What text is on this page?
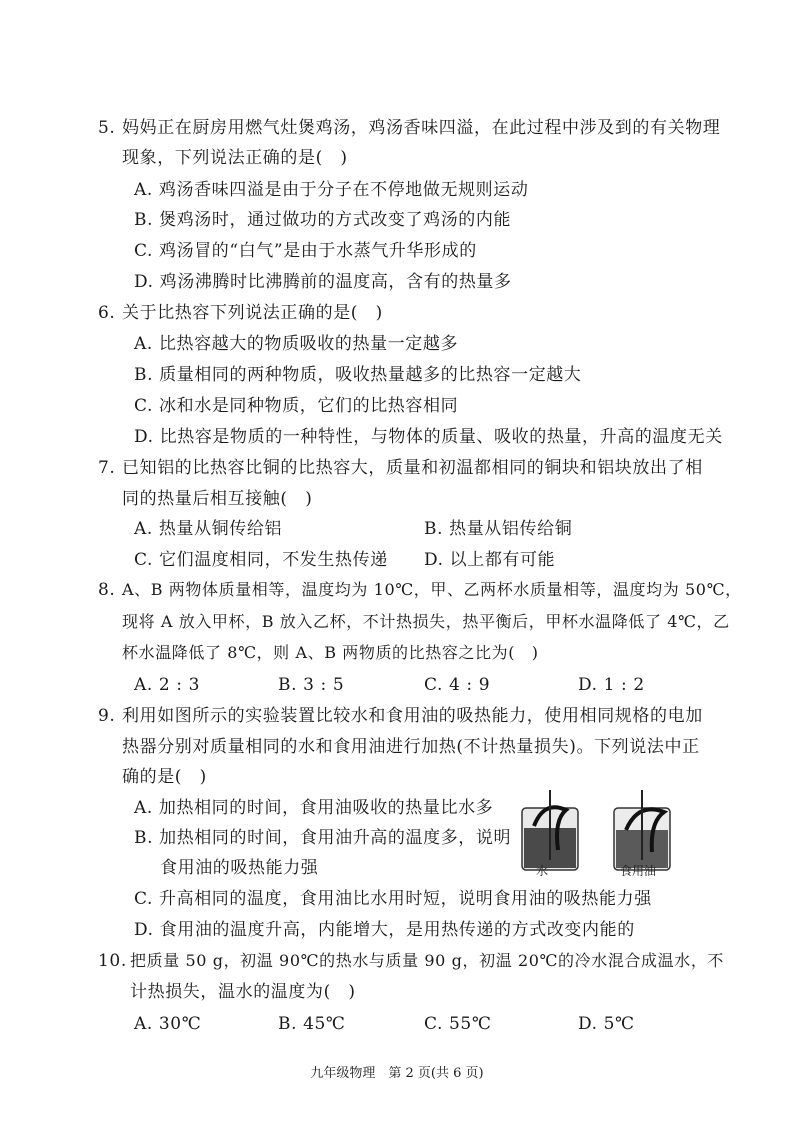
5. 妈妈正在厨房用燃气灶煲鸡汤，鸡汤香味四溢，在此过程中涉及到的有关物理
现象，下列说法正确的是(　)
A. 鸡汤香味四溢是由于分子在不停地做无规则运动
B. 煲鸡汤时，通过做功的方式改变了鸡汤的内能
C. 鸡汤冒的“白气”是由于水蒸气升华形成的
D. 鸡汤沸腾时比沸腾前的温度高，含有的热量多
6. 关于比热容下列说法正确的是(　)
A. 比热容越大的物质吸收的热量一定越多
B. 质量相同的两种物质，吸收热量越多的比热容一定越大
C. 冰和水是同种物质，它们的比热容相同
D. 比热容是物质的一种特性，与物体的质量、吸收的热量，升高的温度无关
7. 已知铝的比热容比铜的比热容大，质量和初温都相同的铜块和铝块放出了相
同的热量后相互接触(　)
A. 热量从铜传给铝	B. 热量从铝传给铜
C. 它们温度相同，不发生热传递 D. 以上都有可能
8. A、B 两物体质量相等，温度均为 10℃，甲、乙两杯水质量相等，温度均为 50℃，
现将 A 放入甲杯，B 放入乙杯，不计热损失，热平衡后，甲杯水温降低了 4℃，乙
杯水温降低了 8℃，则 A、B 两物质的比热容之比为(　)
A. 2 : 3	B. 3 : 5	C. 4 : 9	D. 1 : 2
9. 利用如图所示的实验装置比较水和食用油的吸热能力，使用相同规格的电加
热器分别对质量相同的水和食用油进行加热(不计热量损失)。下列说法中正
确的是(　)
A. 加热相同的时间，食用油吸收的热量比水多
B. 加热相同的时间，食用油升高的温度多，说明
食用油的吸热能力强
C. 升高相同的温度，食用油比水用时短，说明食用油的吸热能力强
D. 食用油的温度升高，内能增大，是用热传递的方式改变内能的
水	食用油
10. 把质量 50 g，初温 90℃的热水与质量 90 g，初温 20℃的冷水混合成温水，不
计热损失，温水的温度为(　)
A. 30℃	B. 45℃	C. 55℃	D. 5℃
九年级物理　第 2 页(共 6 页)
